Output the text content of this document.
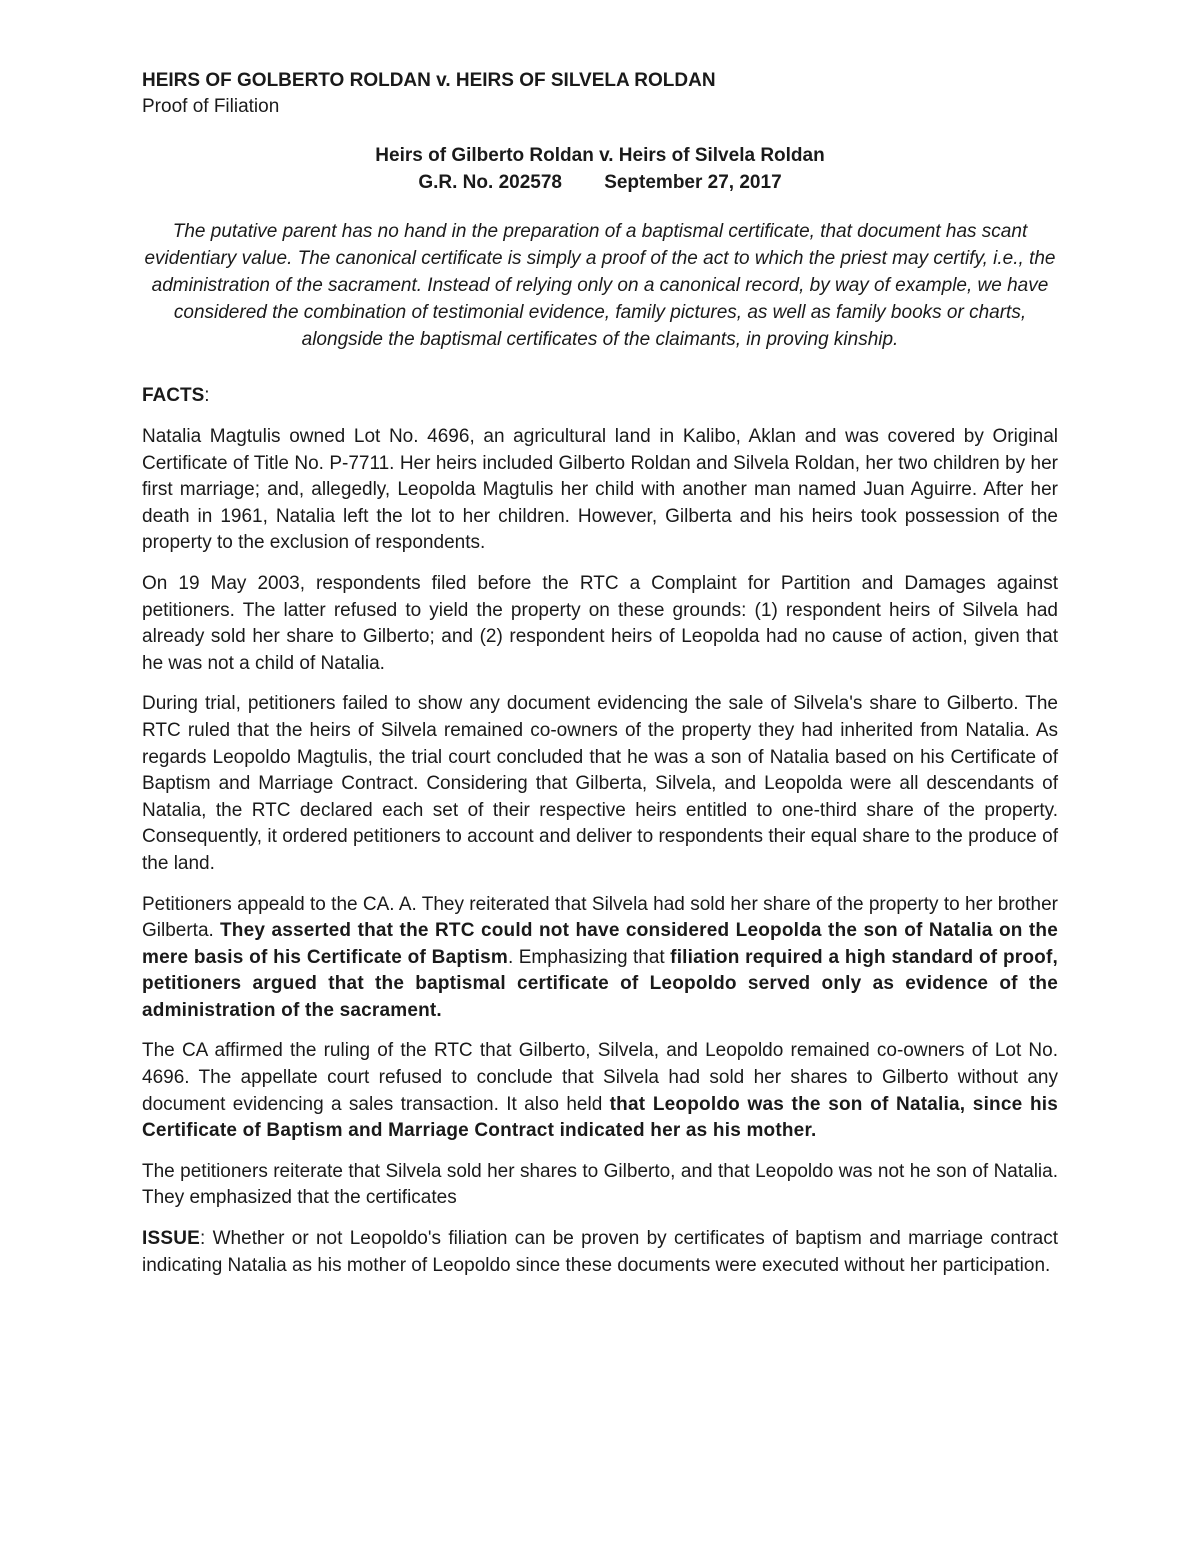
HEIRS OF GOLBERTO ROLDAN v. HEIRS OF SILVELA ROLDAN

Proof of Filiation

Heirs of Gilberto Roldan v. Heirs of Silvela Roldan

G.R. No. 202578        September 27, 2017

The putative parent has no hand in the preparation of a baptismal certificate, that document has scant evidentiary value. The canonical certificate is simply a proof of the act to which the priest may certify, i.e., the administration of the sacrament. Instead of relying only on a canonical record, by way of example, we have considered the combination of testimonial evidence, family pictures, as well as family books or charts, alongside the baptismal certificates of the claimants, in proving kinship.

FACTS:

Natalia Magtulis owned Lot No. 4696, an agricultural land in Kalibo, Aklan and was covered by Original Certificate of Title No. P-7711. Her heirs included Gilberto Roldan and Silvela Roldan, her two children by her first marriage; and, allegedly, Leopolda Magtulis her child with another man named Juan Aguirre. After her death in 1961, Natalia left the lot to her children. However, Gilberta and his heirs took possession of the property to the exclusion of respondents.

On 19 May 2003, respondents filed before the RTC a Complaint for Partition and Damages against petitioners. The latter refused to yield the property on these grounds: (1) respondent heirs of Silvela had already sold her share to Gilberto; and (2) respondent heirs of Leopolda had no cause of action, given that he was not a child of Natalia.

During trial, petitioners failed to show any document evidencing the sale of Silvela's share to Gilberto. The RTC ruled that the heirs of Silvela remained co-owners of the property they had inherited from Natalia. As regards Leopoldo Magtulis, the trial court concluded that he was a son of Natalia based on his Certificate of Baptism and Marriage Contract. Considering that Gilberta, Silvela, and Leopolda were all descendants of Natalia, the RTC declared each set of their respective heirs entitled to one-third share of the property. Consequently, it ordered petitioners to account and deliver to respondents their equal share to the produce of the land.

Petitioners appeald to the CA. A. They reiterated that Silvela had sold her share of the property to her brother Gilberta. They asserted that the RTC could not have considered Leopolda the son of Natalia on the mere basis of his Certificate of Baptism. Emphasizing that filiation required a high standard of proof, petitioners argued that the baptismal certificate of Leopoldo served only as evidence of the administration of the sacrament.

The CA affirmed the ruling of the RTC that Gilberto, Silvela, and Leopoldo remained co-owners of Lot No. 4696. The appellate court refused to conclude that Silvela had sold her shares to Gilberto without any document evidencing a sales transaction. It also held that Leopoldo was the son of Natalia, since his Certificate of Baptism and Marriage Contract indicated her as his mother.

The petitioners reiterate that Silvela sold her shares to Gilberto, and that Leopoldo was not he son of Natalia. They emphasized that the certificates

ISSUE: Whether or not Leopoldo's filiation can be proven by certificates of baptism and marriage contract indicating Natalia as his mother of Leopoldo since these documents were executed without her participation.
